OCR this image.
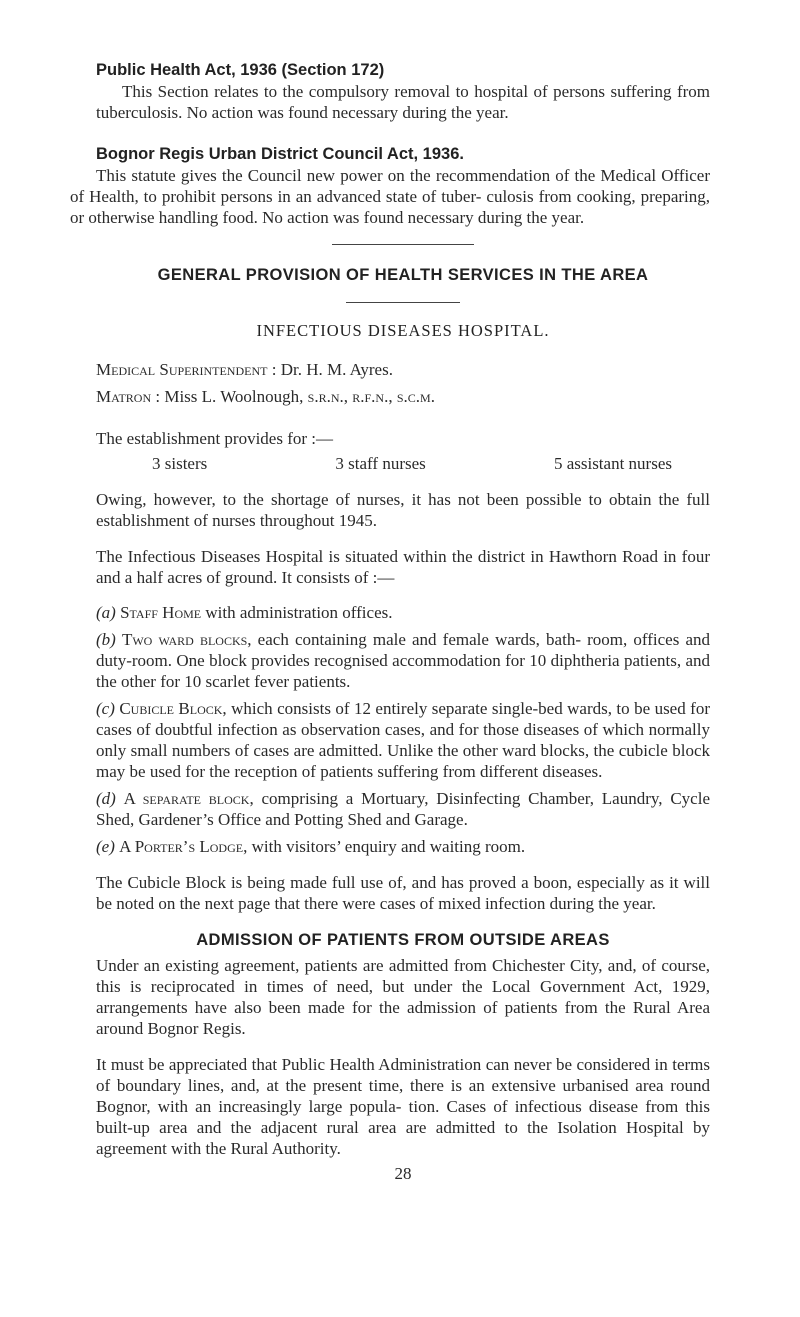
Public Health Act, 1936 (Section 172)

This Section relates to the compulsory removal to hospital of persons suffering from tuberculosis. No action was found necessary during the year.

Bognor Regis Urban District Council Act, 1936.

This statute gives the Council new power on the recommendation of the Medical Officer of Health, to prohibit persons in an advanced state of tuber- culosis from cooking, preparing, or otherwise handling food. No action was found necessary during the year.

GENERAL PROVISION OF HEALTH SERVICES IN THE AREA

INFECTIOUS DISEASES HOSPITAL.

Medical Superintendent : Dr. H. M. Ayres.

Matron : Miss L. Woolnough, s.r.n., r.f.n., s.c.m.

The establishment provides for :—

3 sisters	3 staff nurses	5 assistant nurses

Owing, however, to the shortage of nurses, it has not been possible to obtain the full establishment of nurses throughout 1945.

The Infectious Diseases Hospital is situated within the district in Hawthorn Road in four and a half acres of ground. It consists of :—

(a) Staff Home with administration offices.

(b) Two ward blocks, each containing male and female wards, bath- room, offices and duty-room. One block provides recognised accommodation for 10 diphtheria patients, and the other for 10 scarlet fever patients.

(c) Cubicle Block, which consists of 12 entirely separate single-bed wards, to be used for cases of doubtful infection as observation cases, and for those diseases of which normally only small numbers of cases are admitted. Unlike the other ward blocks, the cubicle block may be used for the reception of patients suffering from different diseases.

(d) A separate block, comprising a Mortuary, Disinfecting Chamber, Laundry, Cycle Shed, Gardener’s Office and Potting Shed and Garage.

(e) A Porter’s Lodge, with visitors’ enquiry and waiting room.

The Cubicle Block is being made full use of, and has proved a boon, especially as it will be noted on the next page that there were cases of mixed infection during the year.

ADMISSION OF PATIENTS FROM OUTSIDE AREAS

Under an existing agreement, patients are admitted from Chichester City, and, of course, this is reciprocated in times of need, but under the Local Government Act, 1929, arrangements have also been made for the admission of patients from the Rural Area around Bognor Regis.

It must be appreciated that Public Health Administration can never be considered in terms of boundary lines, and, at the present time, there is an extensive urbanised area round Bognor, with an increasingly large popula- tion. Cases of infectious disease from this built-up area and the adjacent rural area are admitted to the Isolation Hospital by agreement with the Rural Authority.

28
